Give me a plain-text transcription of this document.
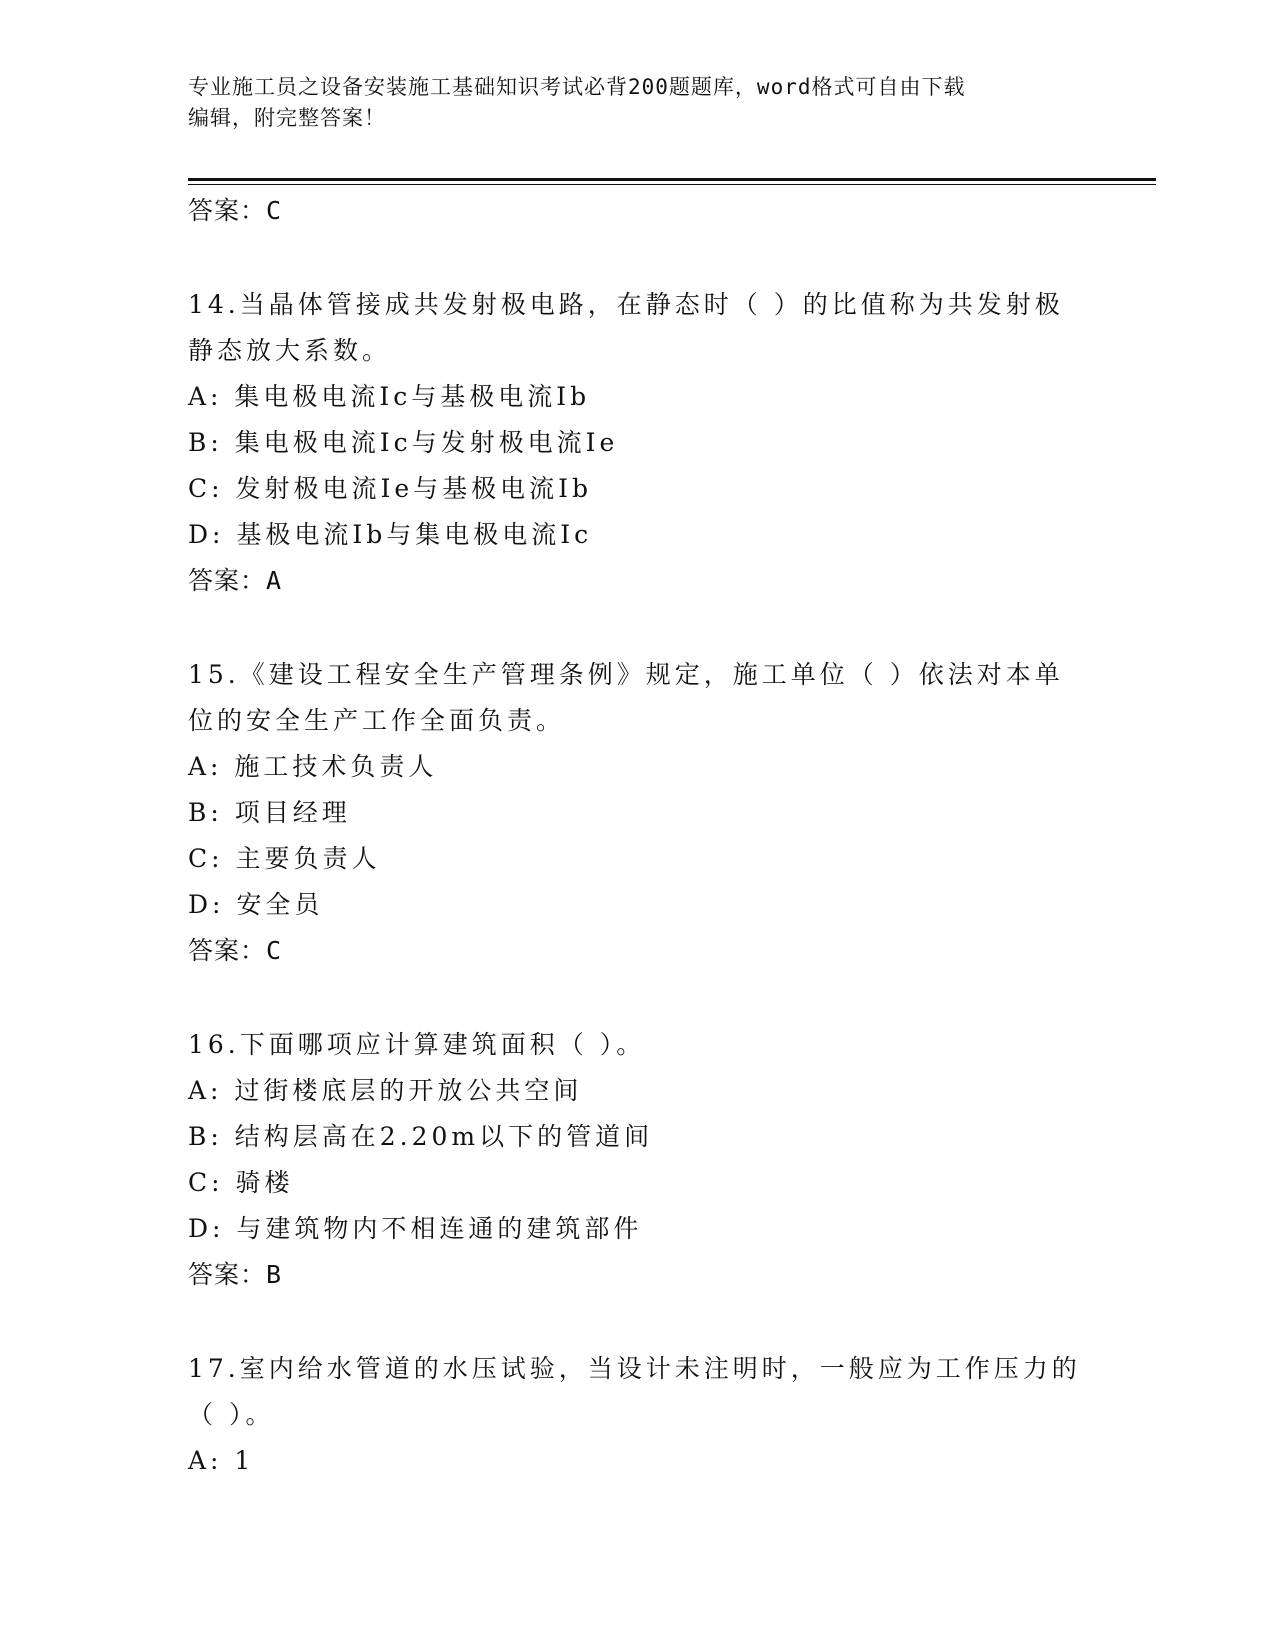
专业施工员之设备安装施工基础知识考试必背200题题库，word格式可自由下载
编辑，附完整答案！
答案：C
14.当晶体管接成共发射极电路，在静态时（ ）的比值称为共发射极
静态放大系数。
A: 集电极电流Ic与基极电流Ib
B: 集电极电流Ic与发射极电流Ie
C: 发射极电流Ie与基极电流Ib
D: 基极电流Ib与集电极电流Ic
答案：A
15.《建设工程安全生产管理条例》规定，施工单位（ ）依法对本单
位的安全生产工作全面负责。
A: 施工技术负责人
B: 项目经理
C: 主要负责人
D: 安全员
答案：C
16.下面哪项应计算建筑面积（ ）。
A: 过街楼底层的开放公共空间
B: 结构层高在2.20m以下的管道间
C: 骑楼
D: 与建筑物内不相连通的建筑部件
答案：B
17.室内给水管道的水压试验，当设计未注明时，一般应为工作压力的
（ ）。
A: 1
